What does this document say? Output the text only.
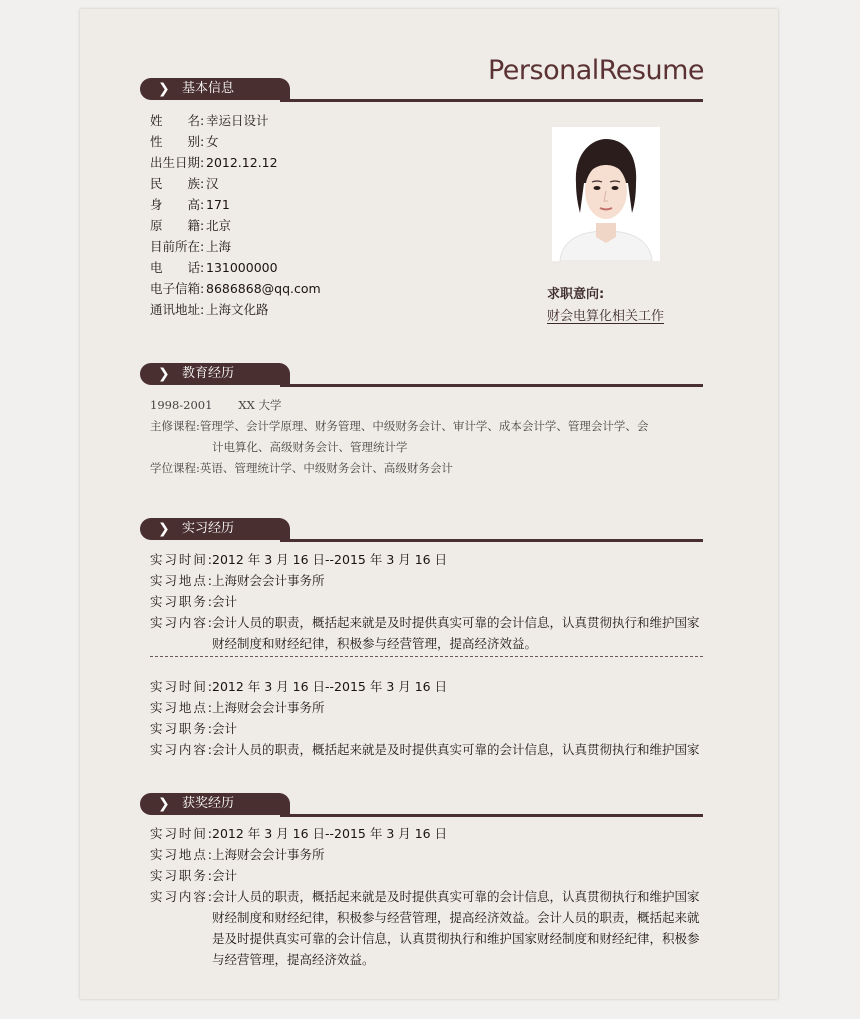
PersonalResume
❯ 基本信息
姓名: 幸运日设计
性别: 女
出生日期: 2012.12.12
民族: 汉
身高: 171
原籍: 北京
目前所在: 上海
电话: 131000000
电子信箱: 8686868@qq.com
通讯地址: 上海文化路
求职意向:
财会电算化相关工作
❯ 教育经历
1998-2001 XX 大学
主修课程:管理学、会计学原理、财务管理、中级财务会计、审计学、成本会计学、管理会计学、会
计电算化、高级财务会计、管理统计学
学位课程:英语、管理统计学、中级财务会计、高级财务会计
❯ 实习经历
实习时间:2012 年 3 月 16 日--2015 年 3 月 16 日
实习地点:上海财会会计事务所
实习职务:会计
实习内容:会计人员的职责，概括起来就是及时提供真实可靠的会计信息，认真贯彻执行和维护国家
财经制度和财经纪律，积极参与经营管理，提高经济效益。
实习时间:2012 年 3 月 16 日--2015 年 3 月 16 日
实习地点:上海财会会计事务所
实习职务:会计
实习内容:会计人员的职责，概括起来就是及时提供真实可靠的会计信息，认真贯彻执行和维护国家
❯ 获奖经历
实习时间:2012 年 3 月 16 日--2015 年 3 月 16 日
实习地点:上海财会会计事务所
实习职务:会计
实习内容:会计人员的职责，概括起来就是及时提供真实可靠的会计信息，认真贯彻执行和维护国家
财经制度和财经纪律，积极参与经营管理，提高经济效益。会计人员的职责，概括起来就
是及时提供真实可靠的会计信息，认真贯彻执行和维护国家财经制度和财经纪律，积极参
与经营管理，提高经济效益。
